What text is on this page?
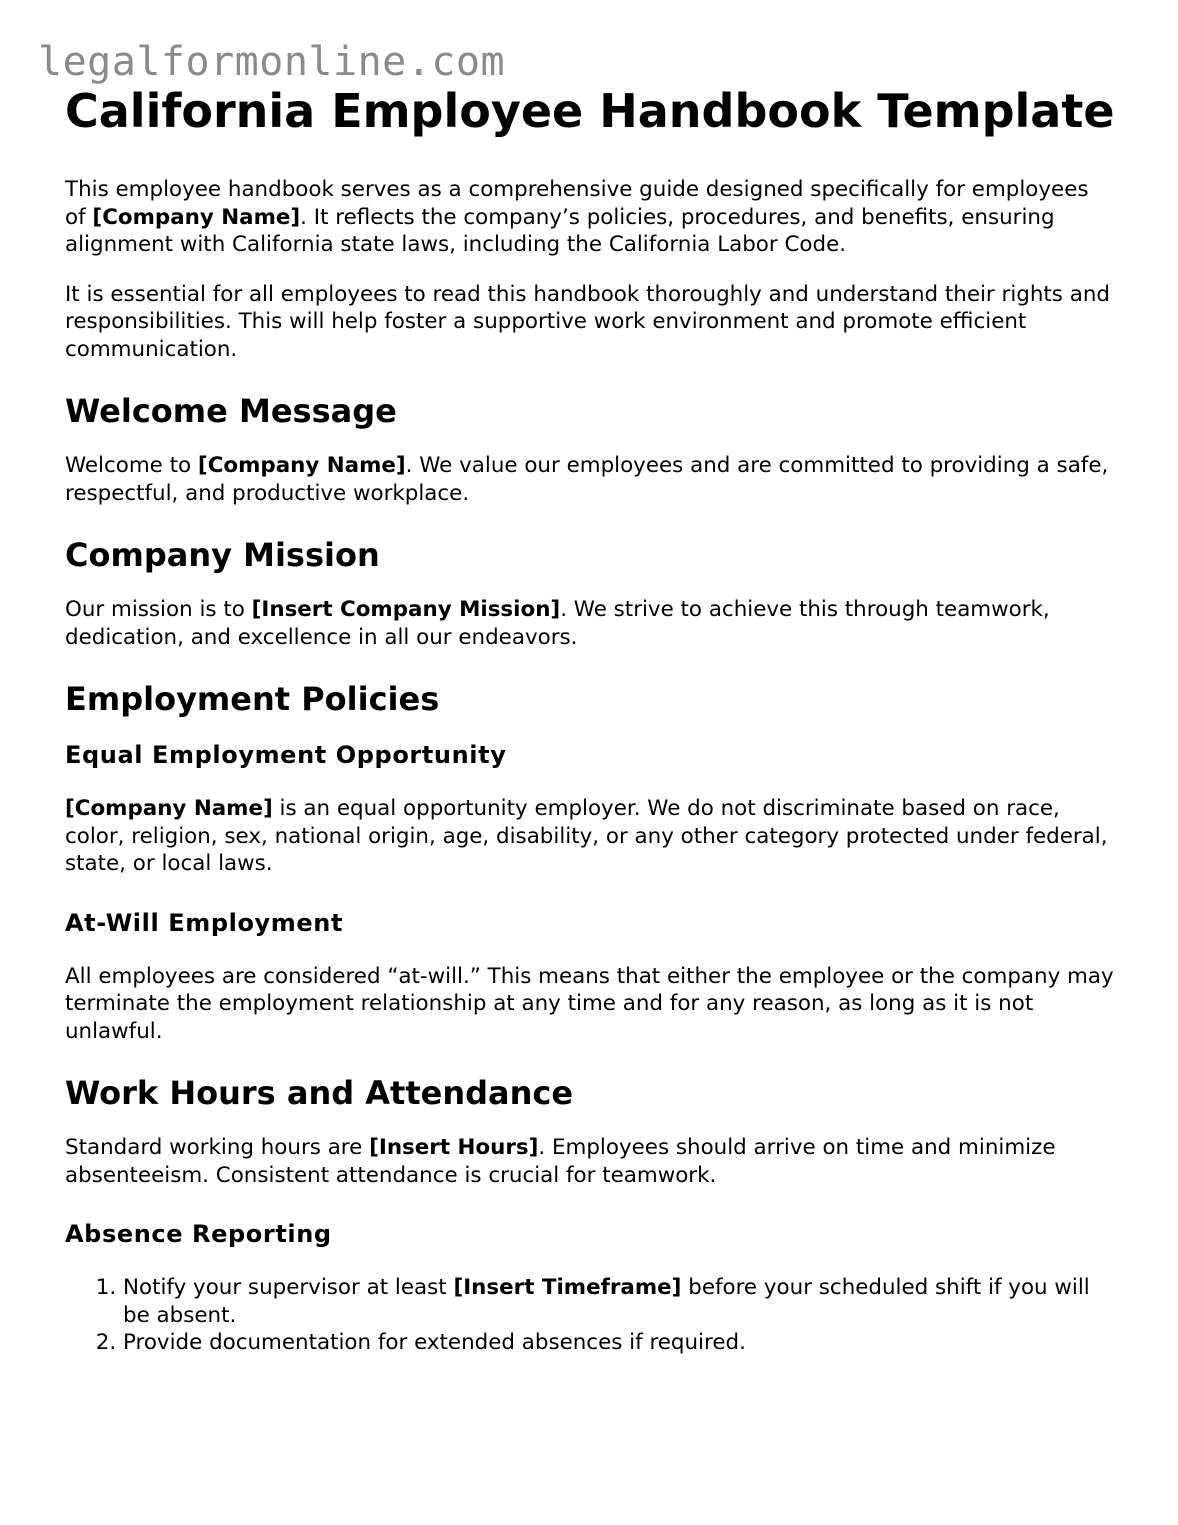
legalformonline.com
California Employee Handbook Template

This employee handbook serves as a comprehensive guide designed specifically for employees of [Company Name]. It reflects the company’s policies, procedures, and benefits, ensuring alignment with California state laws, including the California Labor Code.

It is essential for all employees to read this handbook thoroughly and understand their rights and responsibilities. This will help foster a supportive work environment and promote efficient communication.

Welcome Message

Welcome to [Company Name]. We value our employees and are committed to providing a safe, respectful, and productive workplace.

Company Mission

Our mission is to [Insert Company Mission]. We strive to achieve this through teamwork, dedication, and excellence in all our endeavors.

Employment Policies
Equal Employment Opportunity

[Company Name] is an equal opportunity employer. We do not discriminate based on race, color, religion, sex, national origin, age, disability, or any other category protected under federal, state, or local laws.

At-Will Employment

All employees are considered “at-will.” This means that either the employee or the company may terminate the employment relationship at any time and for any reason, as long as it is not unlawful.

Work Hours and Attendance

Standard working hours are [Insert Hours]. Employees should arrive on time and minimize absenteeism. Consistent attendance is crucial for teamwork.

Absence Reporting
1. Notify your supervisor at least [Insert Timeframe] before your scheduled shift if you will be absent.
2. Provide documentation for extended absences if required.
